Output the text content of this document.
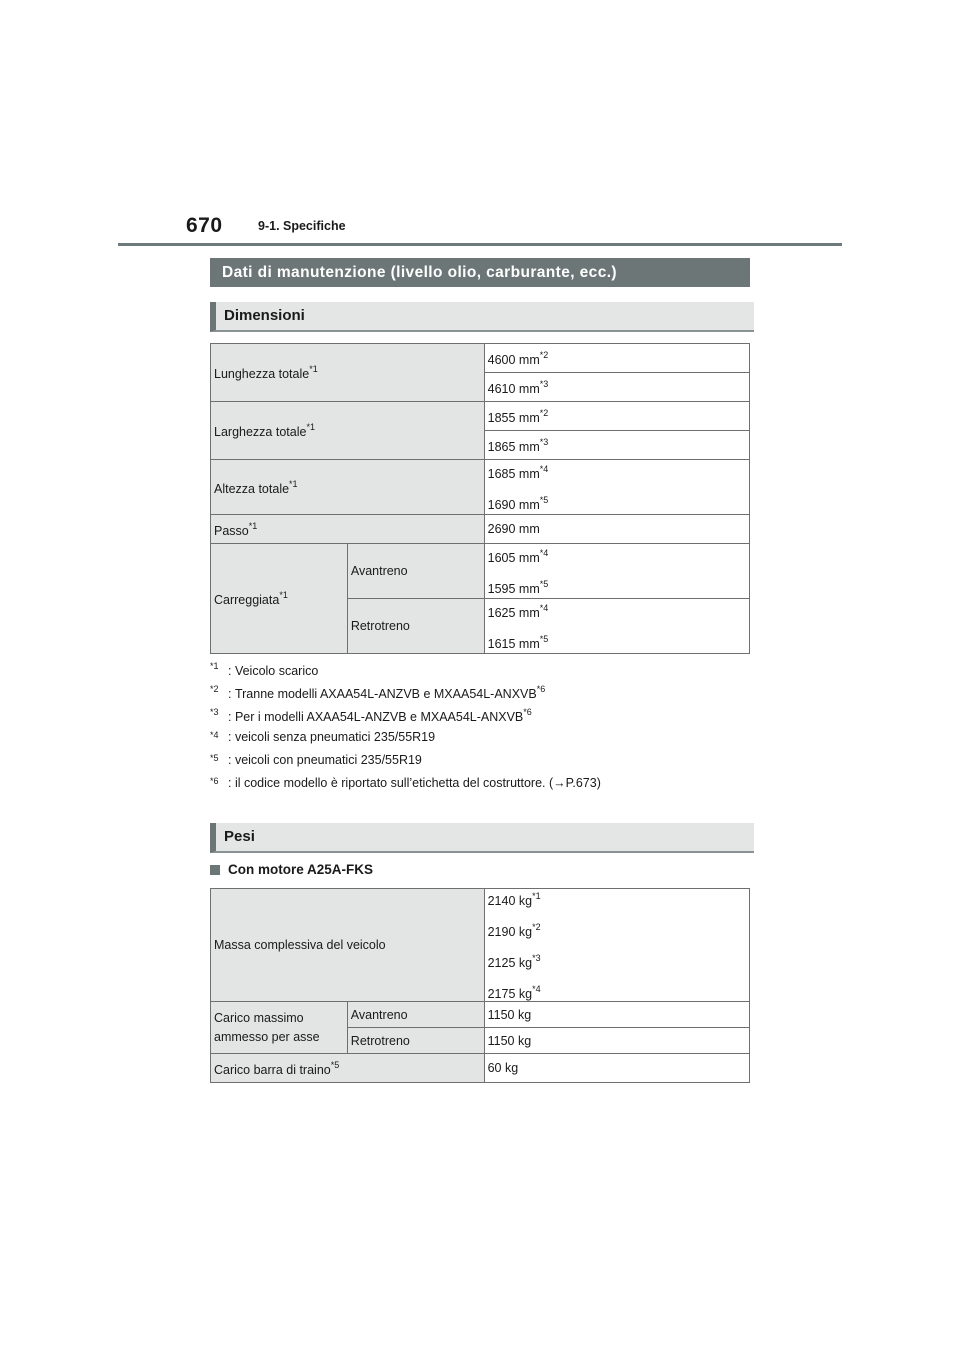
670	9-1. Specifiche
Dati di manutenzione (livello olio, carburante, ecc.)
Dimensioni
Lunghezza totale$^{*1}$		4600 $mm^{*2}$
		4610 $mm^{*3}$
Larghezza totale$^{*1}$		1855 $mm^{*2}$
		1865 $mm^{*3}$
Altezza totale$^{*1}$		1685 $mm^{*4}$
1690 $mm^{*5}$

Passo$^{*1}$		2690 mm
Carreggiata$^{*1}$	Avantreno	1605 $mm^{*4}$
1595 $mm^{*5}$

	Retrotreno	1625 $mm^{*4}$
1615 $mm^{*5}$
*1 : Veicolo scarico
*2 : Tranne modelli AXAA54L-ANZVB e MXAA54L-ANXVB$^{*6}$
*3 : Per i modelli AXAA54L-ANZVB e MXAA54L-ANXVB$^{*6}$
*4 : veicoli senza pneumatici 235/55R19
*5 : veicoli con pneumatici 235/55R19
*6 : il codice modello è riportato sull’etichetta del costruttore. (→P.673)
Pesi
Con motore A25A-FKS
Massa complessiva del veicolo		2140 $kg^{*1}$
2190 $kg^{*2}$
2125 $kg^{*3}$
2175 $kg^{*4}$

Carico massimo
ammesso per asse	Avantreno	1150 kg
	Retrotreno	1150 kg
Carico barra di traino$^{*5}$		60 kg
